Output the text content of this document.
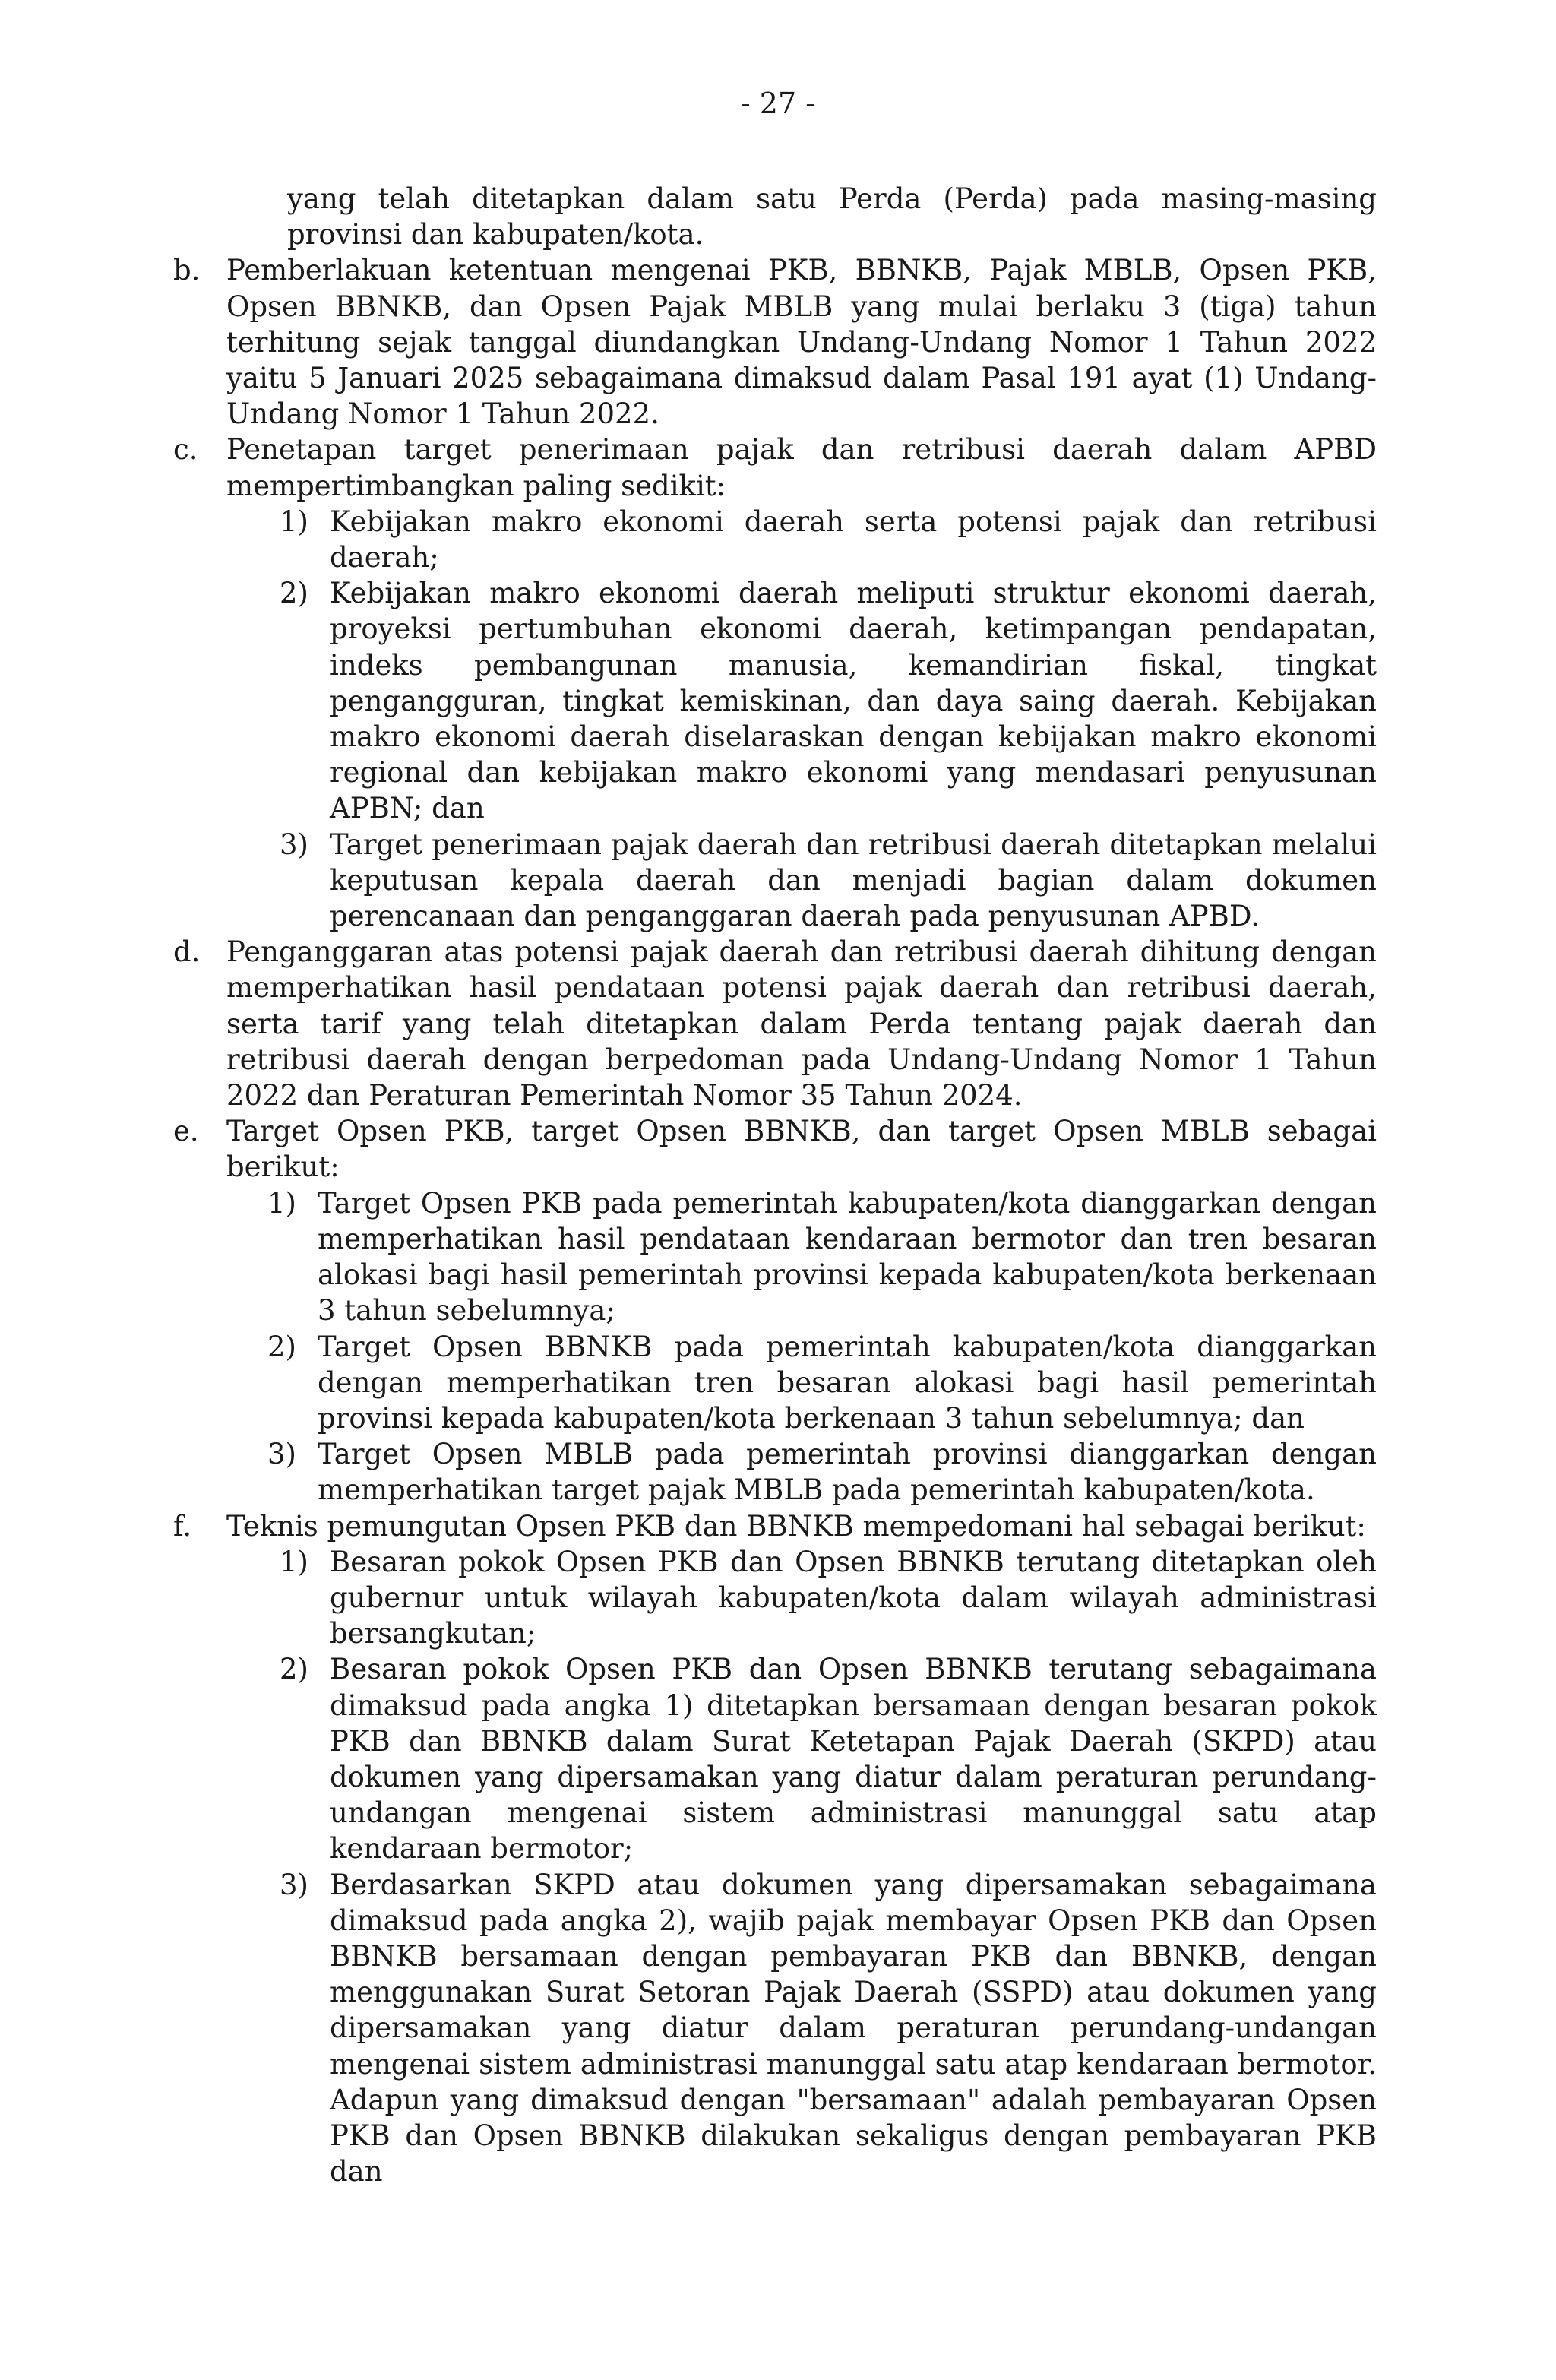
- 27 -
yang telah ditetapkan dalam satu Perda (Perda) pada masing-masing provinsi dan kabupaten/kota.
b. Pemberlakuan ketentuan mengenai PKB, BBNKB, Pajak MBLB, Opsen PKB, Opsen BBNKB, dan Opsen Pajak MBLB yang mulai berlaku 3 (tiga) tahun terhitung sejak tanggal diundangkan Undang-Undang Nomor 1 Tahun 2022 yaitu 5 Januari 2025 sebagaimana dimaksud dalam Pasal 191 ayat (1) Undang-Undang Nomor 1 Tahun 2022.
c. Penetapan target penerimaan pajak dan retribusi daerah dalam APBD mempertimbangkan paling sedikit:
1) Kebijakan makro ekonomi daerah serta potensi pajak dan retribusi daerah;
2) Kebijakan makro ekonomi daerah meliputi struktur ekonomi daerah, proyeksi pertumbuhan ekonomi daerah, ketimpangan pendapatan, indeks pembangunan manusia, kemandirian fiskal, tingkat pengangguran, tingkat kemiskinan, dan daya saing daerah. Kebijakan makro ekonomi daerah diselaraskan dengan kebijakan makro ekonomi regional dan kebijakan makro ekonomi yang mendasari penyusunan APBN; dan
3) Target penerimaan pajak daerah dan retribusi daerah ditetapkan melalui keputusan kepala daerah dan menjadi bagian dalam dokumen perencanaan dan penganggaran daerah pada penyusunan APBD.
d. Penganggaran atas potensi pajak daerah dan retribusi daerah dihitung dengan memperhatikan hasil pendataan potensi pajak daerah dan retribusi daerah, serta tarif yang telah ditetapkan dalam Perda tentang pajak daerah dan retribusi daerah dengan berpedoman pada Undang-Undang Nomor 1 Tahun 2022 dan Peraturan Pemerintah Nomor 35 Tahun 2024.
e. Target Opsen PKB, target Opsen BBNKB, dan target Opsen MBLB sebagai berikut:
1) Target Opsen PKB pada pemerintah kabupaten/kota dianggarkan dengan memperhatikan hasil pendataan kendaraan bermotor dan tren besaran alokasi bagi hasil pemerintah provinsi kepada kabupaten/kota berkenaan 3 tahun sebelumnya;
2) Target Opsen BBNKB pada pemerintah kabupaten/kota dianggarkan dengan memperhatikan tren besaran alokasi bagi hasil pemerintah provinsi kepada kabupaten/kota berkenaan 3 tahun sebelumnya; dan
3) Target Opsen MBLB pada pemerintah provinsi dianggarkan dengan memperhatikan target pajak MBLB pada pemerintah kabupaten/kota.
f. Teknis pemungutan Opsen PKB dan BBNKB mempedomani hal sebagai berikut:
1) Besaran pokok Opsen PKB dan Opsen BBNKB terutang ditetapkan oleh gubernur untuk wilayah kabupaten/kota dalam wilayah administrasi bersangkutan;
2) Besaran pokok Opsen PKB dan Opsen BBNKB terutang sebagaimana dimaksud pada angka 1) ditetapkan bersamaan dengan besaran pokok PKB dan BBNKB dalam Surat Ketetapan Pajak Daerah (SKPD) atau dokumen yang dipersamakan yang diatur dalam peraturan perundang-undangan mengenai sistem administrasi manunggal satu atap kendaraan bermotor;
3) Berdasarkan SKPD atau dokumen yang dipersamakan sebagaimana dimaksud pada angka 2), wajib pajak membayar Opsen PKB dan Opsen BBNKB bersamaan dengan pembayaran PKB dan BBNKB, dengan menggunakan Surat Setoran Pajak Daerah (SSPD) atau dokumen yang dipersamakan yang diatur dalam peraturan perundang-undangan mengenai sistem administrasi manunggal satu atap kendaraan bermotor. Adapun yang dimaksud dengan "bersamaan" adalah pembayaran Opsen PKB dan Opsen BBNKB dilakukan sekaligus dengan pembayaran PKB dan
